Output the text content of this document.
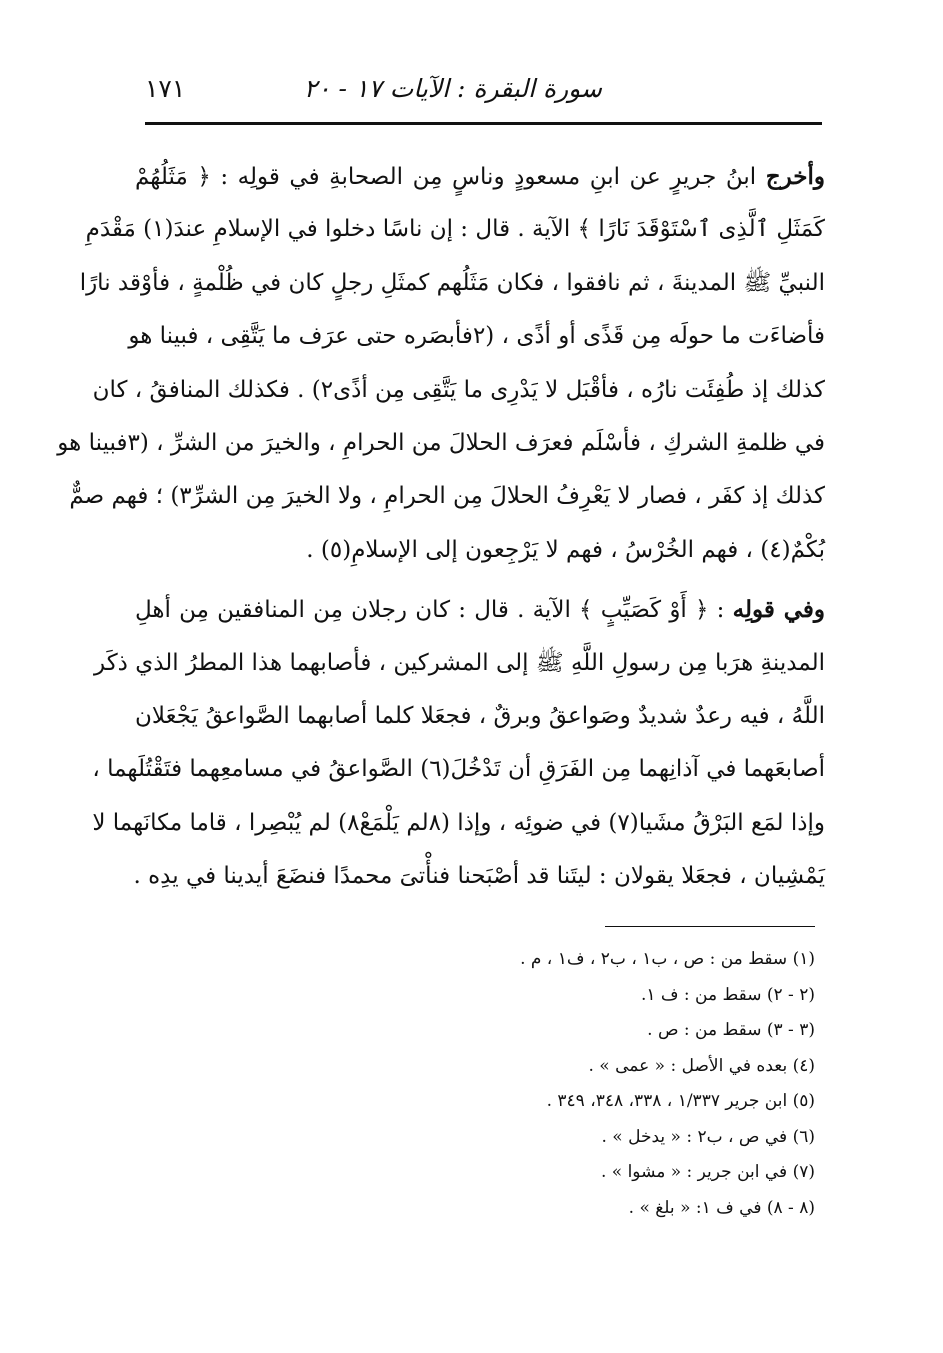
سورة البقرة : الآيات ١٧ - ٢٠
١٧١
وأخرج ابنُ جريرٍ عن ابنِ مسعودٍ وناسٍ مِن الصحابةِ في قولِه : ﴿ مَثَلُهُمْ
كَمَثَلِ ٱلَّذِى ٱسْتَوْقَدَ نَارًا ﴾ الآية . قال : إن ناسًا دخلوا في الإسلامِ عندَ(١) مَقْدَمِ
النبيِّ ﷺ المدينةَ ، ثم نافقوا ، فكان مَثَلُهم كمثَلِ رجلٍ كان في ظُلْمةٍ ، فأوْقد نارًا
فأضاءَت ما حولَه مِن قَذًى أو أذًى ، (٢فأبصَره حتى عرَف ما يَتَّقِى ، فبينا هو
كذلك إذ طُفِئَت نارُه ، فأقْبَل لا يَدْرِى ما يَتَّقِى مِن أذًى٢) . فكذلك المنافقُ ، كان
في ظلمةِ الشركِ ، فأسْلَم فعرَف الحلالَ من الحرامِ ، والخيرَ من الشرِّ ، (٣فبينا هو
كذلك إذ كفَر ، فصار لا يَعْرِفُ الحلالَ مِن الحرامِ ، ولا الخيرَ مِن الشرِّ٣) ؛ فهم صمٌّ
بُكْمٌ(٤) ، فهم الخُرْسُ ، فهم لا يَرْجِعون إلى الإسلامِ(٥) .
وفي قولِه : ﴿ أَوْ كَصَيِّبٍ ﴾ الآية . قال : كان رجلان مِن المنافقين مِن أهلِ
المدينةِ هرَبا مِن رسولِ اللَّهِ ﷺ إلى المشركين ، فأصابهما هذا المطرُ الذي ذكَر
اللَّهُ ، فيه رعدٌ شديدٌ وصَواعقُ وبرقٌ ، فجعَلا كلما أصابهما الصَّواعقُ يَجْعَلان
أصابعَهما في آذانِهما مِن الفَرَقِ أن تَدْخُلَ(٦) الصَّواعقُ في مسامعِهما فتَقْتُلَهما ،
وإذا لمَع البَرْقُ مشَيا(٧) في ضوئِه ، وإذا (٨لم يَلْمَعْ٨) لم يُبْصِرا ، قاما مكانَهما لا
يَمْشِيان ، فجعَلا يقولان : ليتَنا قد أصْبَحنا فنأْتىَ محمدًا فنضَعَ أيدينا في يدِه .
(١) سقط من : ص ، ب١ ، ب٢ ، ف١ ، م .
(٢ - ٢) سقط من : ف ١.
(٣ - ٣) سقط من : ص .
(٤) بعده في الأصل : « عمى » .
(٥) ابن جرير ١/٣٣٧ ، ٣٣٨، ٣٤٨، ٣٤٩ .
(٦) في ص ، ب٢ : « يدخل » .
(٧) في ابن جرير : « مشوا » .
(٨ - ٨) في ف ١: « بلغ » .
